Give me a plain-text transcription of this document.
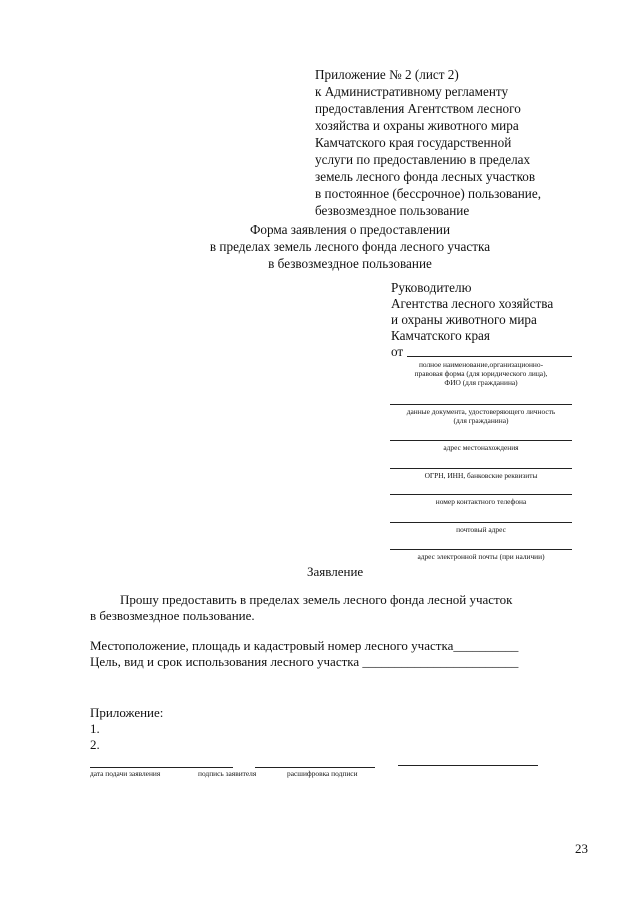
Приложение № 2 (лист 2)
к Административному регламенту
предоставления Агентством лесного
хозяйства и охраны животного мира
Камчатского края государственной
услуги по предоставлению в пределах
земель лесного фонда лесных участков
в постоянное (бессрочное) пользование,
безвозмездное пользование
Форма заявления о предоставлении
в пределах земель лесного фонда лесного участка
в безвозмездное пользование
Руководителю
Агентства лесного хозяйства
и охраны животного мира
Камчатского края
от
полное наименование,организационно-
правовая форма (для юридического лица),
ФИО (для гражданина)
данные документа, удостоверяющего личность
(для гражданина)
адрес местонахождения
ОГРН, ИНН, банковские реквизиты
номер контактного телефона
почтовый адрес
адрес электронной почты (при наличии)
Заявление
Прошу предоставить в пределах земель лесного фонда лесной участок
в безвозмездное пользование.
Местоположение, площадь и кадастровый номер лесного участка__________
Цель, вид и срок использования лесного участка ________________________
Приложение:
1.
2.
дата подачи заявления	подпись заявителя	расшифровка подписи
23
